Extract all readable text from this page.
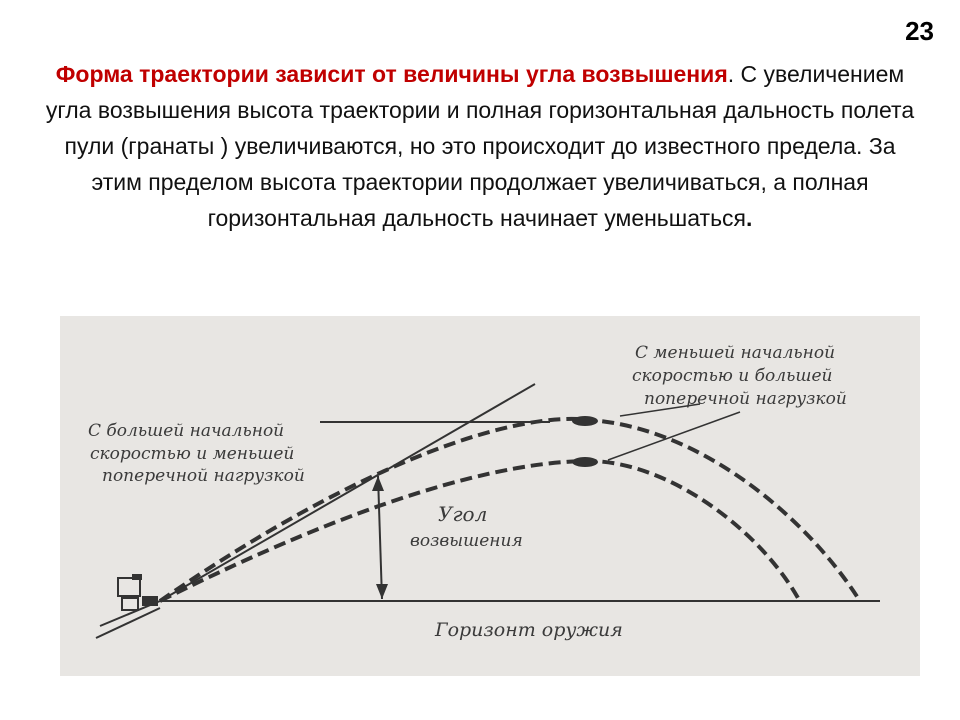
23
Форма траектории зависит от величины угла возвышения. С увеличением угла возвышения высота траектории и полная горизонтальная дальность полета пули (гранаты ) увеличиваются, но это происходит до известного предела. За этим пределом высота траектории продолжает увеличиваться, а полная горизонтальная дальность начинает уменьшаться.
С большей начальной
скоростью и меньшей
поперечной нагрузкой
С меньшей начальной
скоростью и большей
поперечной нагрузкой
Угол
возвышения
Горизонт оружия
